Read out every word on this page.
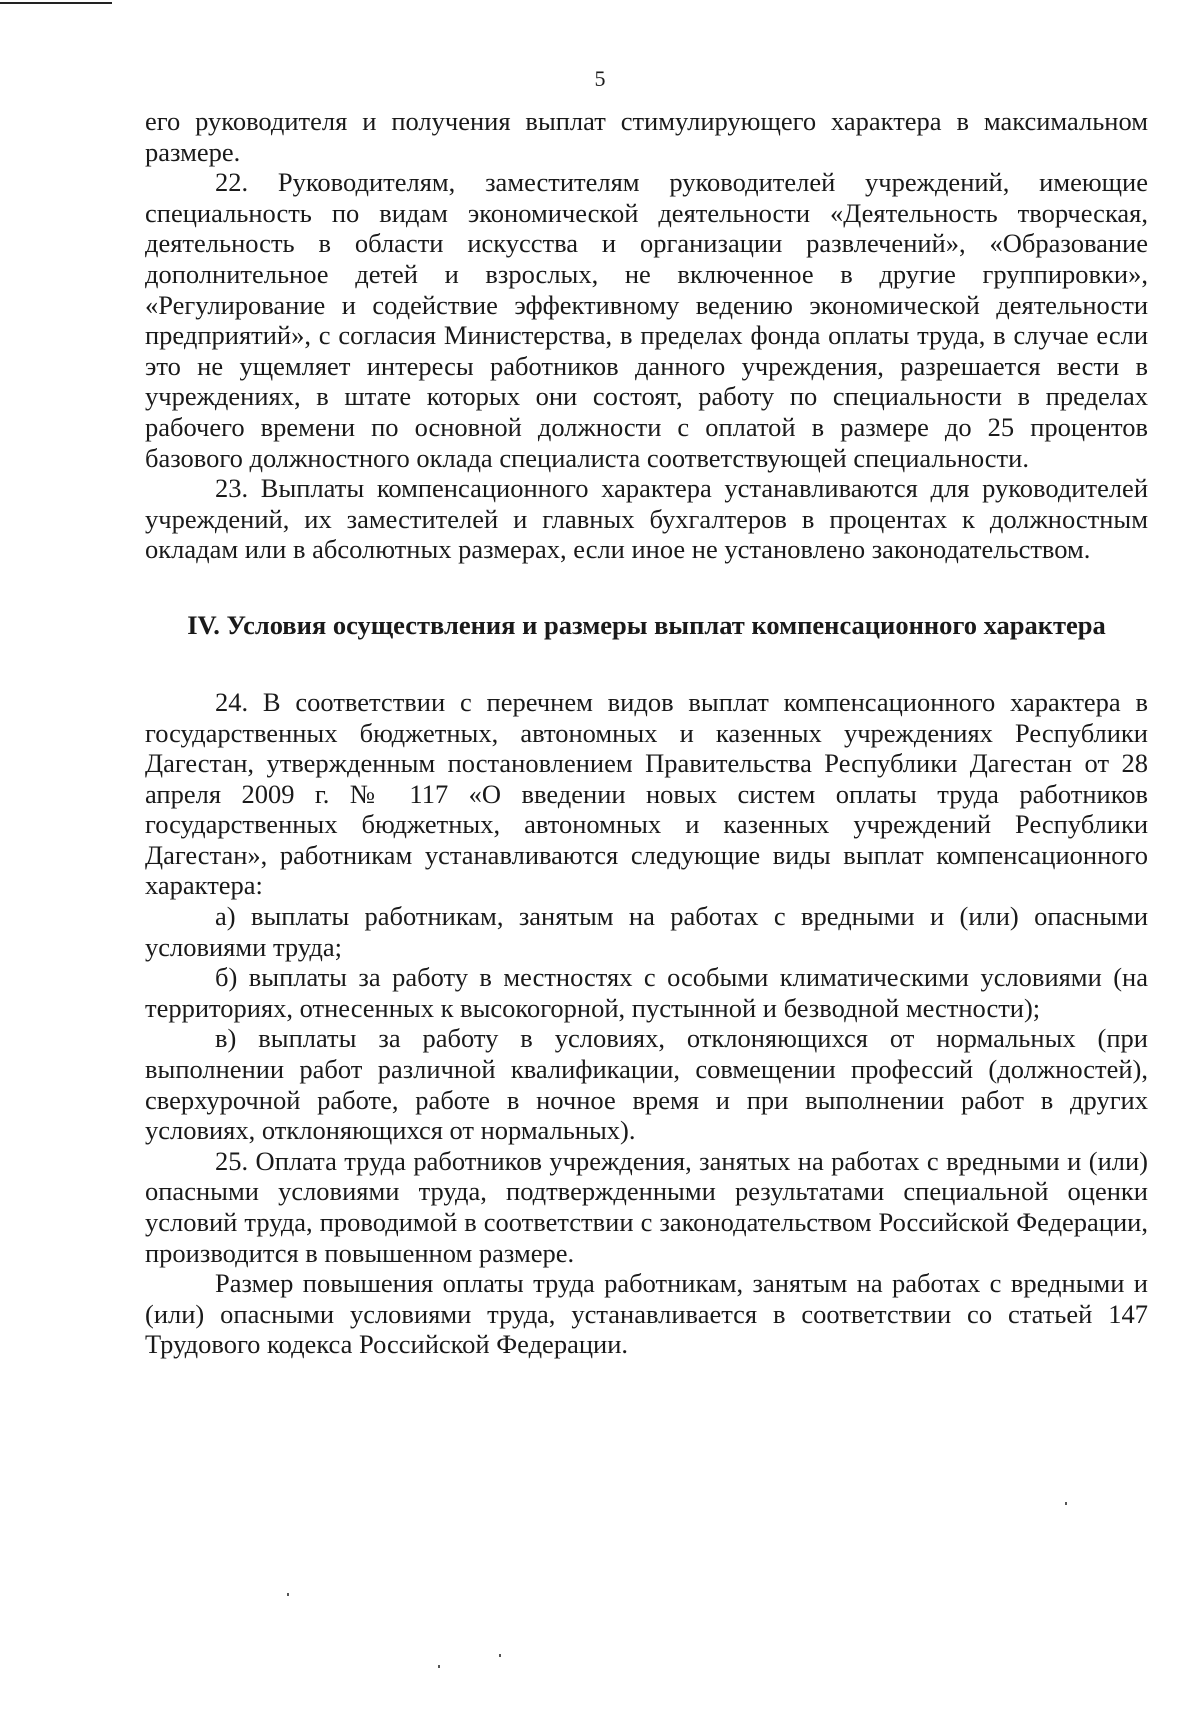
5

его руководителя и получения выплат стимулирующего характера в максимальном размере.

22. Руководителям, заместителям руководителей учреждений, имеющие специальность по видам экономической деятельности «Деятельность творческая, деятельность в области искусства и организации развлечений», «Образование дополнительное детей и взрослых, не включенное в другие группировки», «Регулирование и содействие эффективному ведению экономической деятельности предприятий», с согласия Министерства, в пределах фонда оплаты труда, в случае если это не ущемляет интересы работников данного учреждения, разрешается вести в учреждениях, в штате которых они состоят, работу по специальности в пределах рабочего времени по основной должности с оплатой в размере до 25 процентов базового должностного оклада специалиста соответствующей специальности.

23. Выплаты компенсационного характера устанавливаются для руководителей учреждений, их заместителей и главных бухгалтеров в процентах к должностным окладам или в абсолютных размерах, если иное не установлено законодательством.

IV. Условия осуществления и размеры выплат компенсационного характера

24. В соответствии с перечнем видов выплат компенсационного характера в государственных бюджетных, автономных и казенных учреждениях Республики Дагестан, утвержденным постановлением Правительства Республики Дагестан от 28 апреля 2009 г. № 117 «О введении новых систем оплаты труда работников государственных бюджетных, автономных и казенных учреждений Республики Дагестан», работникам устанавливаются следующие виды выплат компенсационного характера:

а) выплаты работникам, занятым на работах с вредными и (или) опасными условиями труда;

б) выплаты за работу в местностях с особыми климатическими условиями (на территориях, отнесенных к высокогорной, пустынной и безводной местности);

в) выплаты за работу в условиях, отклоняющихся от нормальных (при выполнении работ различной квалификации, совмещении профессий (должностей), сверхурочной работе, работе в ночное время и при выполнении работ в других условиях, отклоняющихся от нормальных).

25. Оплата труда работников учреждения, занятых на работах с вредными и (или) опасными условиями труда, подтвержденными результатами специальной оценки условий труда, проводимой в соответствии с законодательством Российской Федерации, производится в повышенном размере.

Размер повышения оплаты труда работникам, занятым на работах с вредными и (или) опасными условиями труда, устанавливается в соответствии со статьей 147 Трудового кодекса Российской Федерации.
